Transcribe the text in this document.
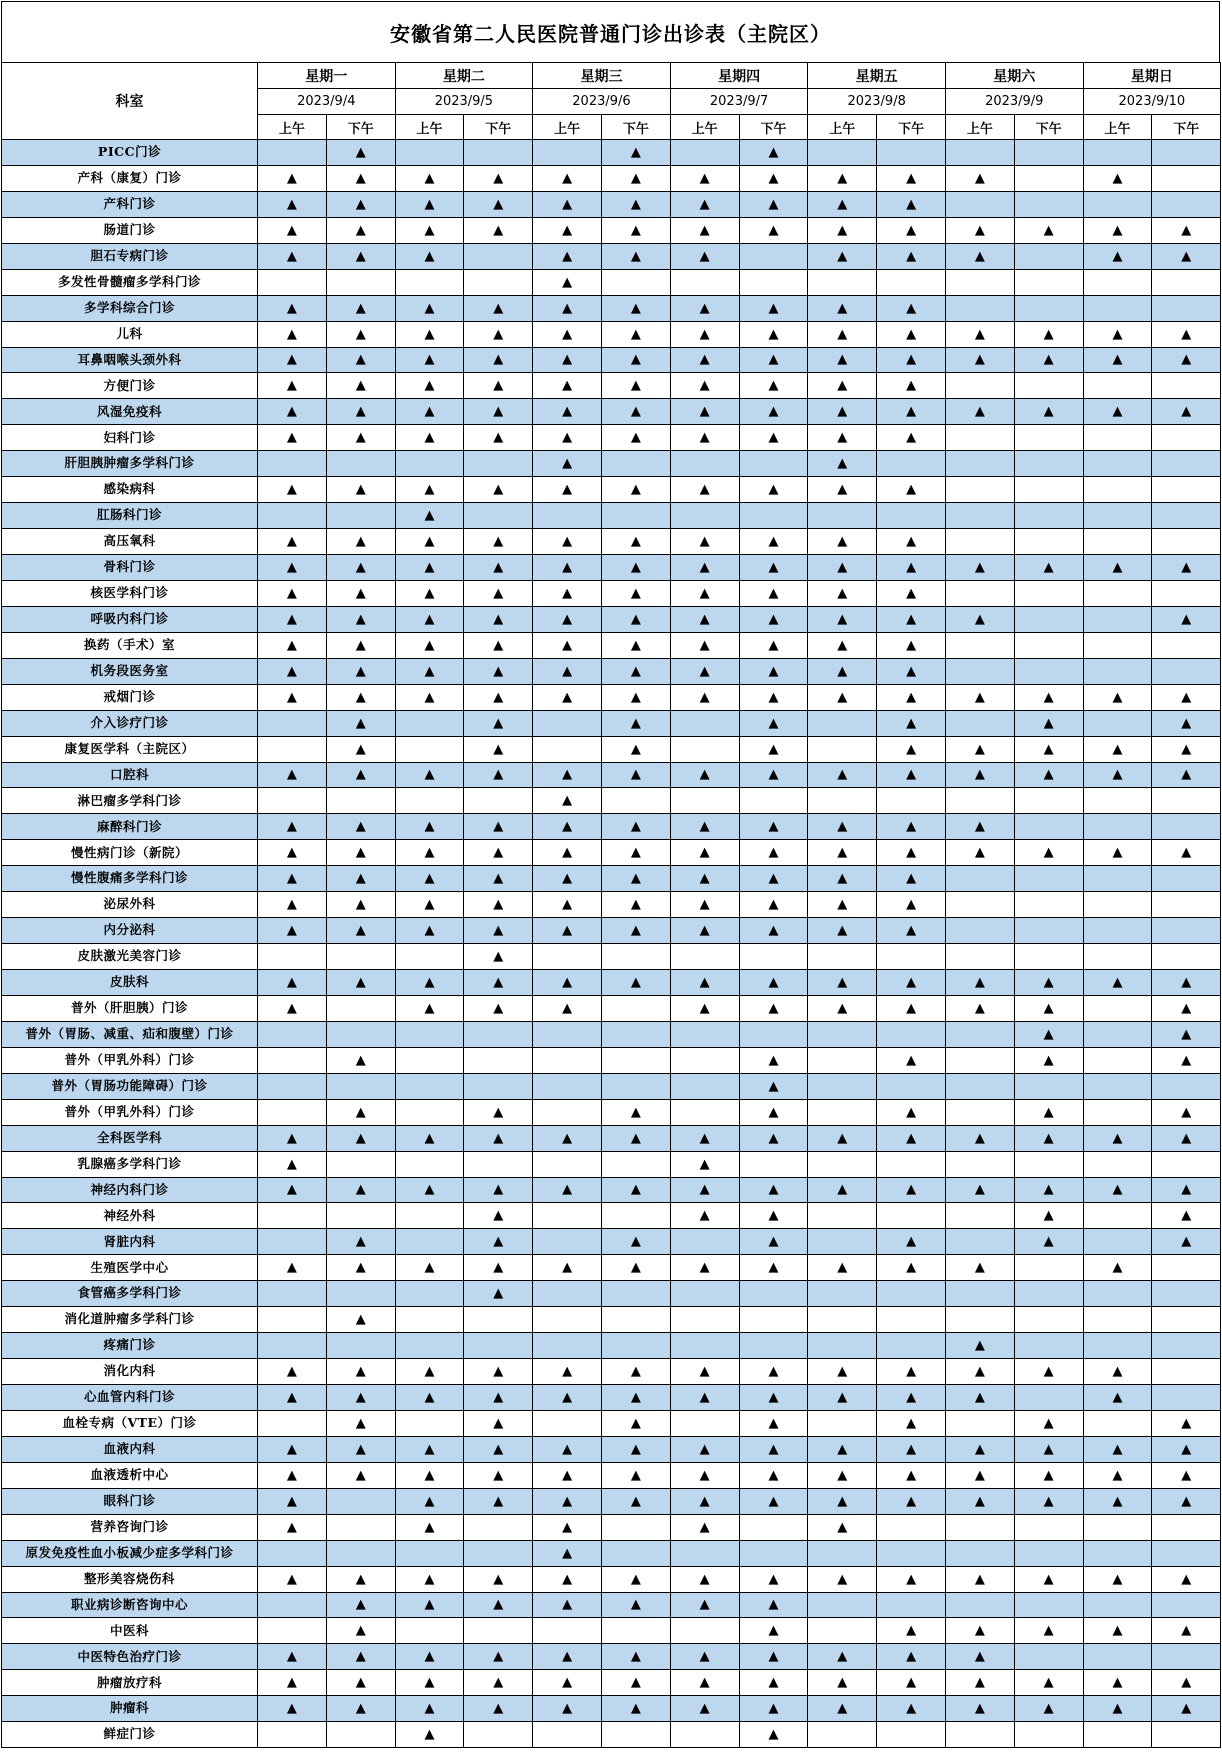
安徽省第二人民医院普通门诊出诊表（主院区）
科室	星期一		星期二		星期三		星期四		星期五		星期六		星期日	
	2023/9/4		2023/9/5		2023/9/6		2023/9/7		2023/9/8		2023/9/9		2023/9/10	
	上午	下午	上午	下午	上午	下午	上午	下午	上午	下午	上午	下午	上午	下午
PICC门诊		▲				▲		▲						
产科（康复）门诊	▲	▲	▲	▲	▲	▲	▲	▲	▲	▲	▲		▲	
产科门诊	▲	▲	▲	▲	▲	▲	▲	▲	▲	▲				
肠道门诊	▲	▲	▲	▲	▲	▲	▲	▲	▲	▲	▲	▲	▲	▲
胆石专病门诊	▲	▲	▲		▲	▲	▲		▲	▲	▲		▲	▲
多发性骨髓瘤多学科门诊					▲									
多学科综合门诊	▲	▲	▲	▲	▲	▲	▲	▲	▲	▲				
儿科	▲	▲	▲	▲	▲	▲	▲	▲	▲	▲	▲	▲	▲	▲
耳鼻咽喉头颈外科	▲	▲	▲	▲	▲	▲	▲	▲	▲	▲	▲	▲	▲	▲
方便门诊	▲	▲	▲	▲	▲	▲	▲	▲	▲	▲				
风湿免疫科	▲	▲	▲	▲	▲	▲	▲	▲	▲	▲	▲	▲	▲	▲
妇科门诊	▲	▲	▲	▲	▲	▲	▲	▲	▲	▲				
肝胆胰肿瘤多学科门诊					▲				▲					
感染病科	▲	▲	▲	▲	▲	▲	▲	▲	▲	▲				
肛肠科门诊			▲											
高压氧科	▲	▲	▲	▲	▲	▲	▲	▲	▲	▲				
骨科门诊	▲	▲	▲	▲	▲	▲	▲	▲	▲	▲	▲	▲	▲	▲
核医学科门诊	▲	▲	▲	▲	▲	▲	▲	▲	▲	▲				
呼吸内科门诊	▲	▲	▲	▲	▲	▲	▲	▲	▲	▲	▲			▲
换药（手术）室	▲	▲	▲	▲	▲	▲	▲	▲	▲	▲				
机务段医务室	▲	▲	▲	▲	▲	▲	▲	▲	▲	▲				
戒烟门诊	▲	▲	▲	▲	▲	▲	▲	▲	▲	▲	▲	▲	▲	▲
介入诊疗门诊		▲		▲		▲		▲		▲		▲		▲
康复医学科（主院区）		▲		▲		▲		▲		▲	▲	▲	▲	▲
口腔科	▲	▲	▲	▲	▲	▲	▲	▲	▲	▲	▲	▲	▲	▲
淋巴瘤多学科门诊					▲									
麻醉科门诊	▲	▲	▲	▲	▲	▲	▲	▲	▲	▲	▲			
慢性病门诊（新院）	▲	▲	▲	▲	▲	▲	▲	▲	▲	▲	▲	▲	▲	▲
慢性腹痛多学科门诊	▲	▲	▲	▲	▲	▲	▲	▲	▲	▲				
泌尿外科	▲	▲	▲	▲	▲	▲	▲	▲	▲	▲				
内分泌科	▲	▲	▲	▲	▲	▲	▲	▲	▲	▲				
皮肤激光美容门诊				▲										
皮肤科	▲	▲	▲	▲	▲	▲	▲	▲	▲	▲	▲	▲	▲	▲
普外（肝胆胰）门诊	▲		▲	▲	▲		▲	▲	▲	▲	▲	▲		▲
普外（胃肠、减重、疝和腹壁）门诊												▲		▲
普外（甲乳外科）门诊		▲						▲		▲		▲		▲
普外（胃肠功能障碍）门诊								▲						
普外（甲乳外科）门诊		▲		▲		▲		▲		▲		▲		▲
全科医学科	▲	▲	▲	▲	▲	▲	▲	▲	▲	▲	▲	▲	▲	▲
乳腺癌多学科门诊	▲						▲							
神经内科门诊	▲	▲	▲	▲	▲	▲	▲	▲	▲	▲	▲	▲	▲	▲
神经外科				▲			▲	▲				▲		▲
肾脏内科		▲		▲		▲		▲		▲		▲		▲
生殖医学中心	▲	▲	▲	▲	▲	▲	▲	▲	▲	▲	▲		▲	
食管癌多学科门诊				▲										
消化道肿瘤多学科门诊		▲												
疼痛门诊											▲			
消化内科	▲	▲	▲	▲	▲	▲	▲	▲	▲	▲	▲	▲	▲	
心血管内科门诊	▲	▲	▲	▲	▲	▲	▲	▲	▲	▲	▲		▲	
血栓专病（VTE）门诊		▲		▲		▲		▲		▲		▲		▲
血液内科	▲	▲	▲	▲	▲	▲	▲	▲	▲	▲	▲	▲	▲	▲
血液透析中心	▲	▲	▲	▲	▲	▲	▲	▲	▲	▲	▲	▲	▲	▲
眼科门诊	▲		▲	▲	▲	▲	▲	▲	▲	▲	▲	▲	▲	▲
营养咨询门诊	▲		▲		▲		▲		▲					
原发免疫性血小板减少症多学科门诊					▲									
整形美容烧伤科	▲	▲	▲	▲	▲	▲	▲	▲	▲	▲	▲	▲	▲	▲
职业病诊断咨询中心		▲	▲	▲	▲	▲	▲	▲						
中医科		▲						▲		▲	▲	▲	▲	▲
中医特色治疗门诊	▲	▲	▲	▲	▲	▲	▲	▲	▲	▲	▲			
肿瘤放疗科	▲	▲	▲	▲	▲	▲	▲	▲	▲	▲	▲	▲	▲	▲
肿瘤科	▲	▲	▲	▲	▲	▲	▲	▲	▲	▲	▲	▲	▲	▲
鲜症门诊			▲					▲						
